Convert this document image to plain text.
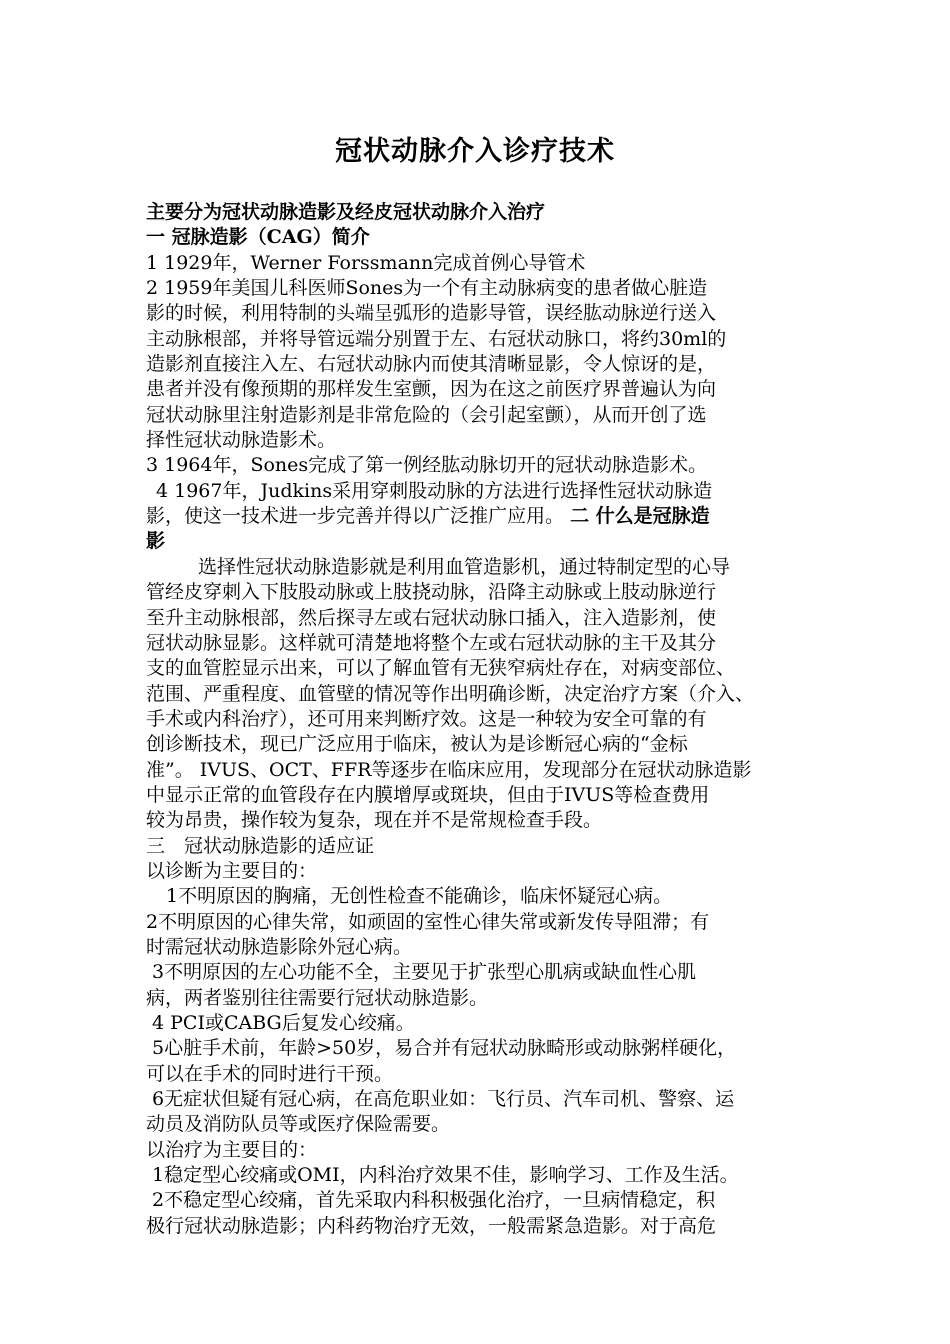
冠状动脉介入诊疗技术
主要分为冠状动脉造影及经皮冠状动脉介入治疗
一 冠脉造影（CAG）简介
1 1929年，Werner Forssmann完成首例心导管术
2 1959年美国儿科医师Sones为一个有主动脉病变的患者做心脏造
影的时候，利用特制的头端呈弧形的造影导管，误经肱动脉逆行送入
主动脉根部，并将导管远端分别置于左、右冠状动脉口，将约30ml的
造影剂直接注入左、右冠状动脉内而使其清晰显影，令人惊讶的是，
患者并没有像预期的那样发生室颤，因为在这之前医疗界普遍认为向
冠状动脉里注射造影剂是非常危险的（会引起室颤），从而开创了选
择性冠状动脉造影术。
3 1964年，Sones完成了第一例经肱动脉切开的冠状动脉造影术。
4 1967年，Judkins采用穿刺股动脉的方法进行选择性冠状动脉造
影，使这一技术进一步完善并得以广泛推广应用。 二 什么是冠脉造
影
选择性冠状动脉造影就是利用血管造影机，通过特制定型的心导
管经皮穿刺入下肢股动脉或上肢挠动脉，沿降主动脉或上肢动脉逆行
至升主动脉根部，然后探寻左或右冠状动脉口插入，注入造影剂，使
冠状动脉显影。这样就可清楚地将整个左或右冠状动脉的主干及其分
支的血管腔显示出来，可以了解血管有无狭窄病灶存在，对病变部位、
范围、严重程度、血管壁的情况等作出明确诊断，决定治疗方案（介入、
手术或内科治疗），还可用来判断疗效。这是一种较为安全可靠的有
创诊断技术，现已广泛应用于临床，被认为是诊断冠心病的“金标
准”。 IVUS、OCT、FFR等逐步在临床应用，发现部分在冠状动脉造影
中显示正常的血管段存在内膜增厚或斑块，但由于IVUS等检查费用
较为昂贵，操作较为复杂，现在并不是常规检查手段。
三　冠状动脉造影的适应证
以诊断为主要目的：
1不明原因的胸痛，无创性检查不能确诊，临床怀疑冠心病。
2不明原因的心律失常，如顽固的室性心律失常或新发传导阻滞；有
时需冠状动脉造影除外冠心病。
3不明原因的左心功能不全，主要见于扩张型心肌病或缺血性心肌
病，两者鉴别往往需要行冠状动脉造影。
4 PCI或CABG后复发心绞痛。
5心脏手术前，年龄>50岁，易合并有冠状动脉畸形或动脉粥样硬化，
可以在手术的同时进行干预。
6无症状但疑有冠心病，在高危职业如：飞行员、汽车司机、警察、运
动员及消防队员等或医疗保险需要。
以治疗为主要目的：
1稳定型心绞痛或OMI，内科治疗效果不佳，影响学习、工作及生活。
2不稳定型心绞痛，首先采取内科积极强化治疗，一旦病情稳定，积
极行冠状动脉造影；内科药物治疗无效，一般需紧急造影。对于高危
